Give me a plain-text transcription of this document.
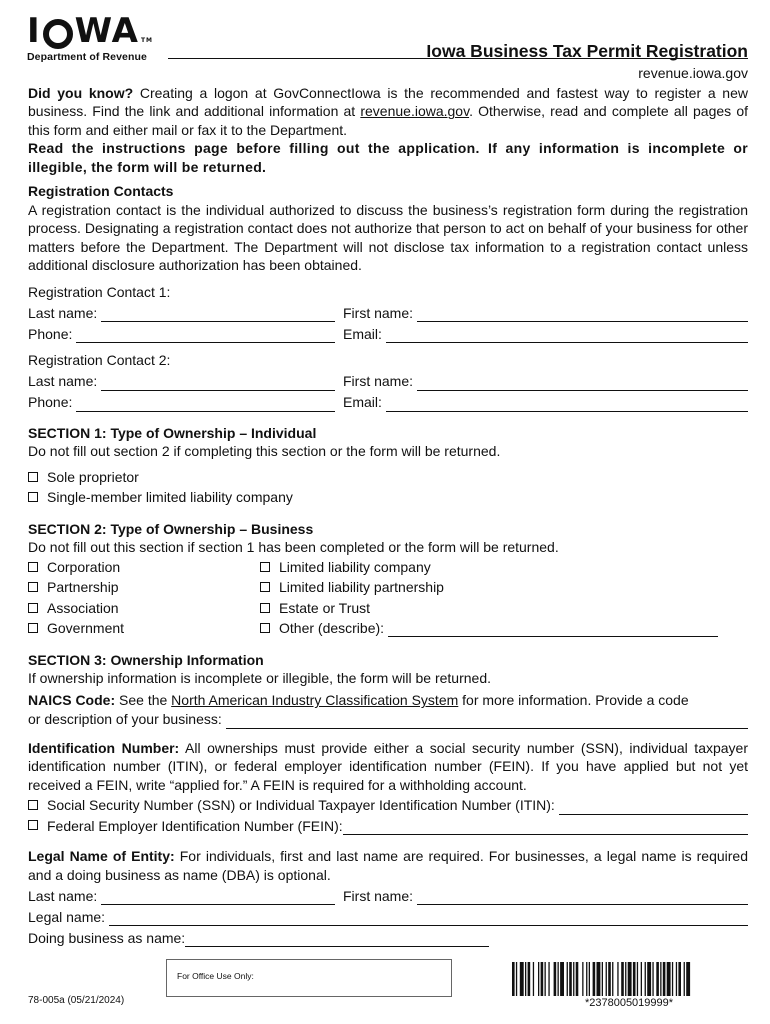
I WA TM
Department of Revenue	Iowa Business Tax Permit Registration
revenue.iowa.gov
Did you know? Creating a logon at GovConnectIowa is the recommended and fastest way to register a new business. Find the link and additional information at revenue.iowa.gov. Otherwise, read and complete all pages of this form and either mail or fax it to the Department.
Read the instructions page before filling out the application. If any information is incomplete or illegible, the form will be returned.
Registration Contacts
A registration contact is the individual authorized to discuss the business’s registration form during the registration process. Designating a registration contact does not authorize that person to act on behalf of your business for other matters before the Department. The Department will not disclose tax information to a registration contact unless additional disclosure authorization has been obtained.
Registration Contact 1:
Last name:	First name:
Phone:	Email:
Registration Contact 2:
Last name:	First name:
Phone:	Email:
SECTION 1: Type of Ownership – Individual
Do not fill out section 2 if completing this section or the form will be returned.
Sole proprietor
Single-member limited liability company
SECTION 2: Type of Ownership – Business
Do not fill out this section if section 1 has been completed or the form will be returned.
Corporation	Limited liability company
Partnership	Limited liability partnership
Association	Estate or Trust
Government	Other (describe):
SECTION 3: Ownership Information
If ownership information is incomplete or illegible, the form will be returned.
NAICS Code: See the North American Industry Classification System for more information. Provide a code
or description of your business:
Identification Number: All ownerships must provide either a social security number (SSN), individual taxpayer identification number (ITIN), or federal employer identification number (FEIN). If you have applied but not yet received a FEIN, write “applied for.” A FEIN is required for a withholding account.
Social Security Number (SSN) or Individual Taxpayer Identification Number (ITIN):
Federal Employer Identification Number (FEIN):
Legal Name of Entity: For individuals, first and last name are required. For businesses, a legal name is required and a doing business as name (DBA) is optional.
Last name:	First name:
Legal name:
Doing business as name:
For Office Use Only:
*2378005019999*
78-005a (05/21/2024)
